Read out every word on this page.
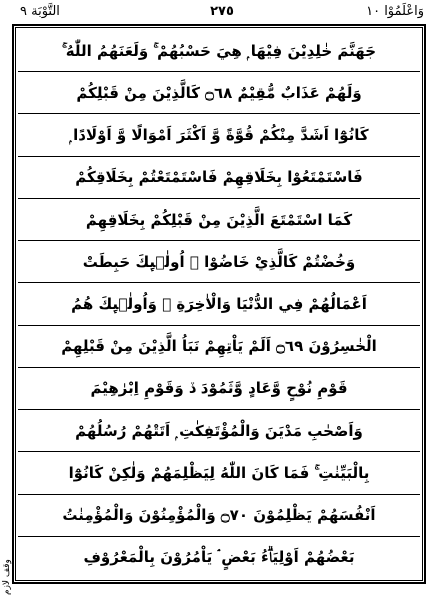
التَّوْبَة ٩	٢٧٥	وَاعْلَمُوْا ١٠
جَهَنَّمَ خٰلِدِيْنَ فِيْهَا ۭ هِيَ حَسْبُهُمْ ۚ وَلَعَنَهُمُ اللّٰهُ ۚ
وَلَهُمْ عَذَابٌ مُّقِيْمٌ ۝٦٨ كَالَّذِيْنَ مِنْ قَبْلِكُمْ
كَانُوْٓا اَشَدَّ مِنْكُمْ قُوَّةً وَّ اَكْثَرَ اَمْوَالًا وَّ اَوْلَادًا ۭ
فَاسْتَمْتَعُوْا بِخَلَاقِهِمْ فَاسْتَمْتَعْتُمْ بِخَلَاقِكُمْ
كَمَا اسْتَمْتَعَ الَّذِيْنَ مِنْ قَبْلِكُمْ بِخَلَاقِهِمْ
وَخُضْتُمْ كَالَّذِيْ خَاضُوْا ۭ اُولٰۗىِٕكَ حَبِطَتْ
اَعْمَالُهُمْ فِي الدُّنْيَا وَالْاٰخِرَةِ ۚ وَاُولٰۗىِٕكَ هُمُ
الْخٰسِرُوْنَ ۝٦٩ اَلَمْ يَاْتِهِمْ نَبَاُ الَّذِيْنَ مِنْ قَبْلِهِمْ
قَوْمِ نُوْحٍ وَّعَادٍ وَّثَمُوْدَ ڏ وَقَوْمِ اِبْرٰهِيْمَ
وَاَصْحٰبِ مَدْيَنَ وَالْمُؤْتَفِكٰتِ ۭ اَتَتْهُمْ رُسُلُهُمْ
بِالْبَيِّنٰتِ ۚ فَمَا كَانَ اللّٰهُ لِيَظْلِمَهُمْ وَلٰكِنْ كَانُوْٓا
اَنْفُسَهُمْ يَظْلِمُوْنَ ۝٧٠ وَالْمُؤْمِنُوْنَ وَالْمُؤْمِنٰتُ
بَعْضُهُمْ اَوْلِيَاۗءُ بَعْضٍ ۘ يَاْمُرُوْنَ بِالْمَعْرُوْفِ
وقف لازم
